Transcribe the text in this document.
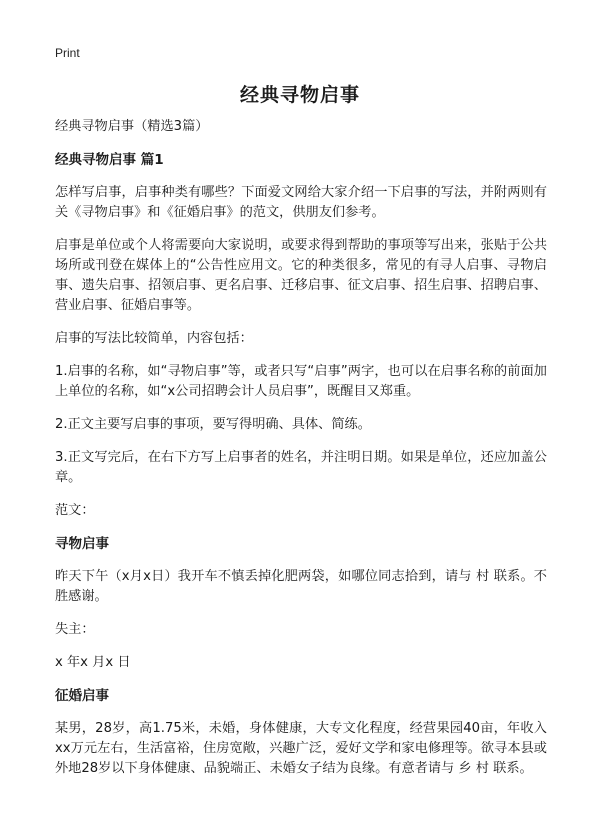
Print
经典寻物启事

经典寻物启事（精选3篇）

经典寻物启事 篇1

怎样写启事，启事种类有哪些？下面爱文网给大家介绍一下启事的写法，并附两则有关《寻物启事》和《征婚启事》的范文，供朋友们参考。

启事是单位或个人将需要向大家说明，或要求得到帮助的事项等写出来，张贴于公共场所或刊登在媒体上的“公告性应用文。它的种类很多，常见的有寻人启事、寻物启事、遗失启事、招领启事、更名启事、迁移启事、征文启事、招生启事、招聘启事、营业启事、征婚启事等。

启事的写法比较简单，内容包括：

1.启事的名称，如“寻物启事”等，或者只写“启事”两字，也可以在启事名称的前面加上单位的名称，如“x公司招聘会计人员启事”，既醒目又郑重。

2.正文主要写启事的事项，要写得明确、具体、简练。

3.正文写完后，在右下方写上启事者的姓名，并注明日期。如果是单位，还应加盖公章。

范文：

寻物启事

昨天下午（x月x日）我开车不慎丢掉化肥两袋，如哪位同志拾到，请与 村 联系。不胜感谢。

失主：

x 年x 月x 日

征婚启事

某男，28岁，高1.75米，未婚，身体健康，大专文化程度，经营果园40亩，年收入xx万元左右，生活富裕，住房宽敞，兴趣广泛，爱好文学和家电修理等。欲寻本县或外地28岁以下身体健康、品貌端正、未婚女子结为良缘。有意者请与 乡 村 联系。
